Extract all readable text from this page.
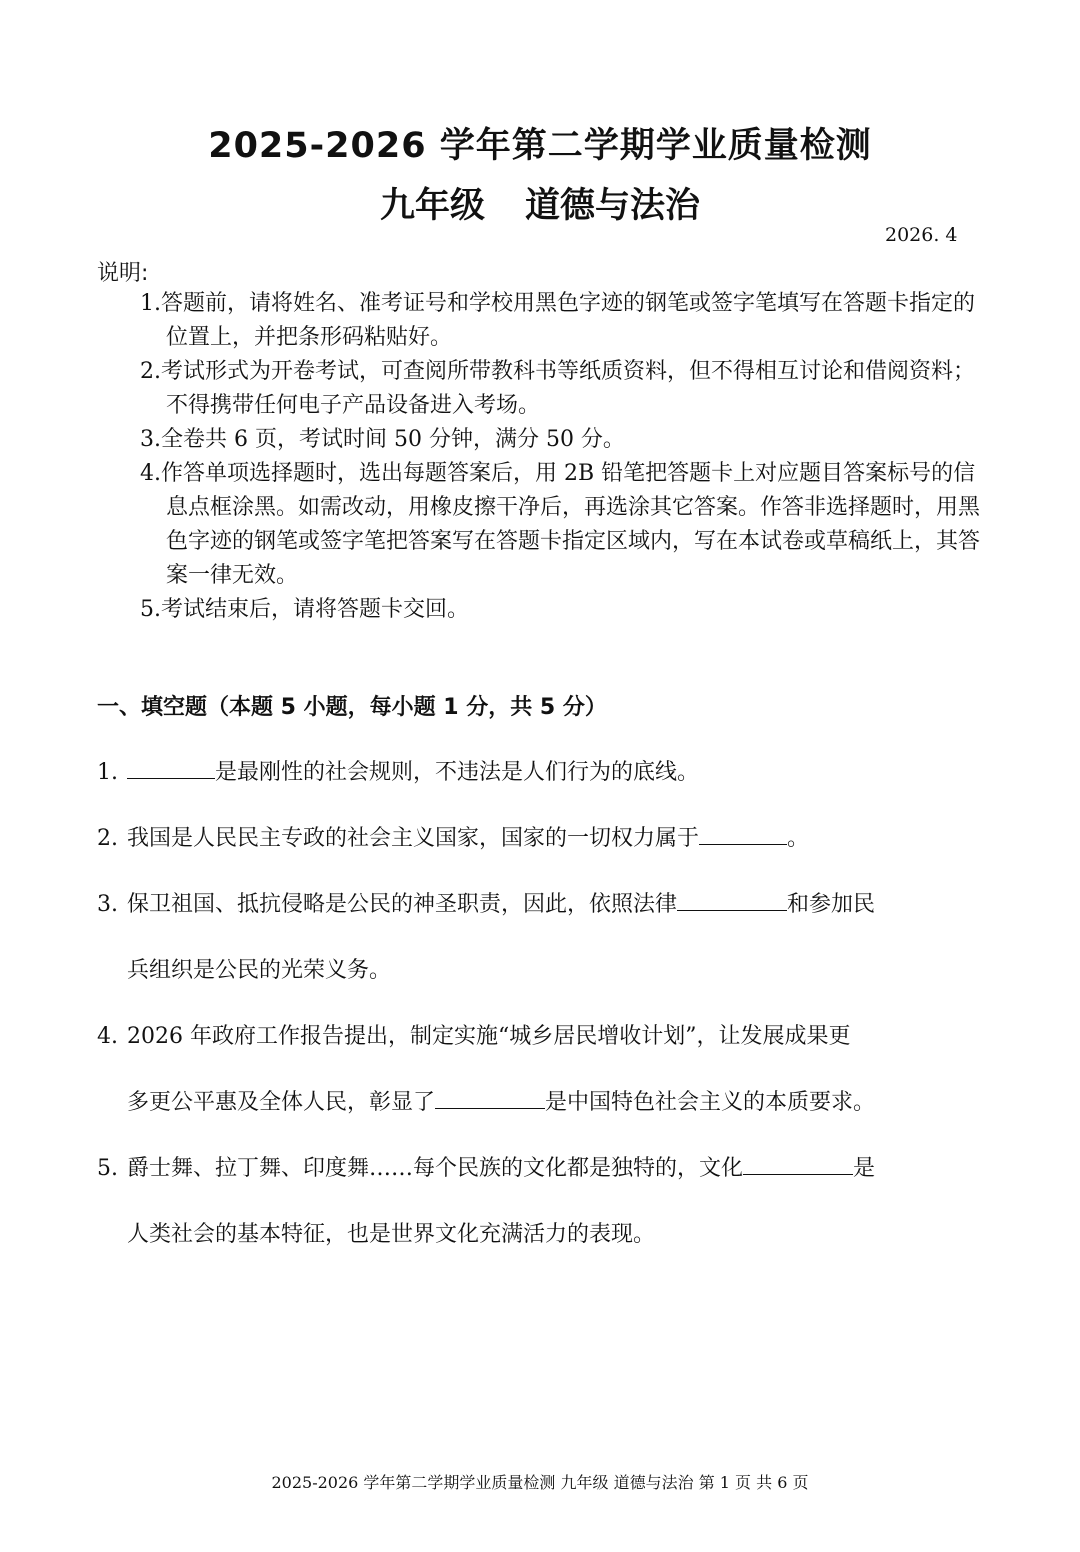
2025-2026 学年第二学期学业质量检测
九年级 道德与法治
2026. 4
说明:

1.答题前，请将姓名、准考证号和学校用黑色字迹的钢笔或签字笔填写在答题卡指定的位置上，并把条形码粘贴好。

2.考试形式为开卷考试，可查阅所带教科书等纸质资料，但不得相互讨论和借阅资料；不得携带任何电子产品设备进入考场。

3.全卷共 6 页，考试时间 50 分钟，满分 50 分。

4.作答单项选择题时，选出每题答案后，用 2B 铅笔把答题卡上对应题目答案标号的信息点框涂黑。如需改动，用橡皮擦干净后，再选涂其它答案。作答非选择题时，用黑色字迹的钢笔或签字笔把答案写在答题卡指定区域内，写在本试卷或草稿纸上，其答案一律无效。

5.考试结束后，请将答题卡交回。

一、填空题（本题 5 小题，每小题 1 分，共 5 分）

1.	是最刚性的社会规则，不违法是人们行为的底线。

2. 我国是人民民主专政的社会主义国家，国家的一切权力属于	。

3. 保卫祖国、抵抗侵略是公民的神圣职责，因此，依照法律	和参加民

兵组织是公民的光荣义务。

4. 2026 年政府工作报告提出，制定实施“城乡居民增收计划”，让发展成果更

多更公平惠及全体人民，彰显了	是中国特色社会主义的本质要求。

5. 爵士舞、拉丁舞、印度舞……每个民族的文化都是独特的，文化	是

人类社会的基本特征，也是世界文化充满活力的表现。

2025-2026 学年第二学期学业质量检测 九年级 道德与法治 第 1 页 共 6 页
